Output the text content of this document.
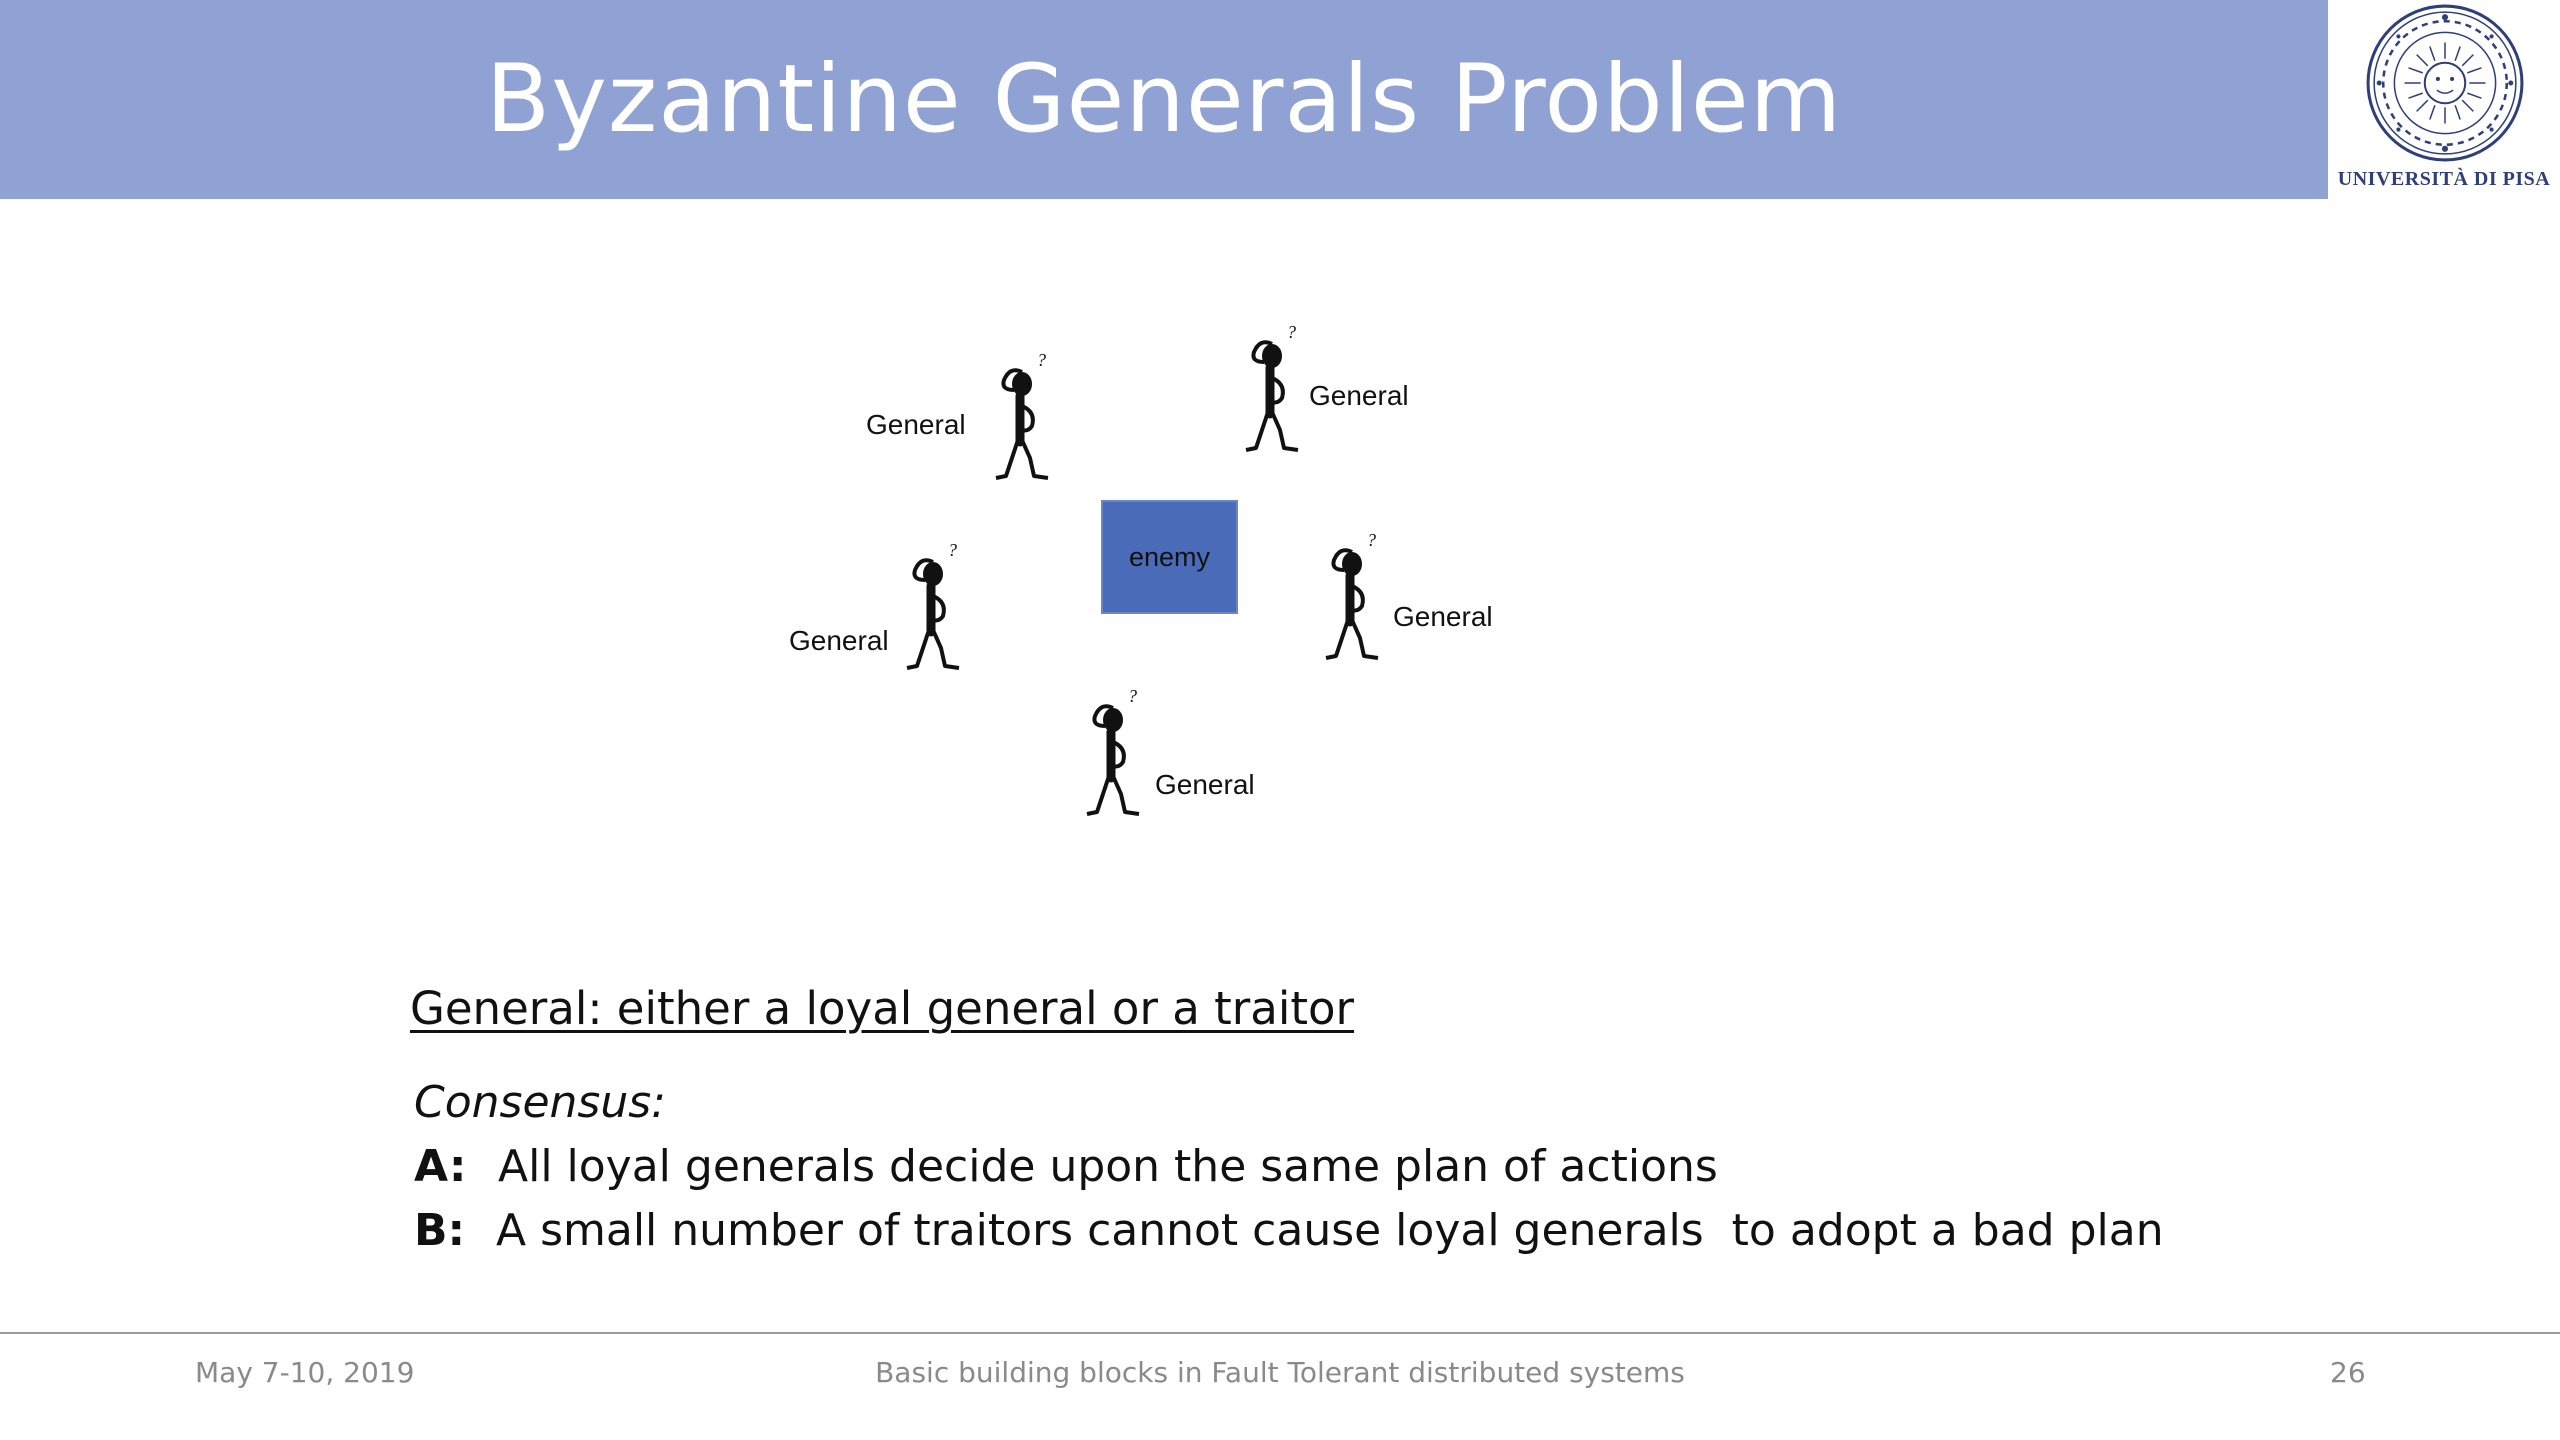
Byzantine Generals Problem
UNIVERSITÀ DI PISA
enemy
?
General
?
General
?
General
?
General
?
General
General: either a loyal general or a traitor
Consensus:
A: All loyal generals decide upon the same plan of actions
B: A small number of traitors cannot cause loyal generals  to adopt a bad plan
May 7-10, 2019	Basic building blocks in Fault Tolerant distributed systems	26
